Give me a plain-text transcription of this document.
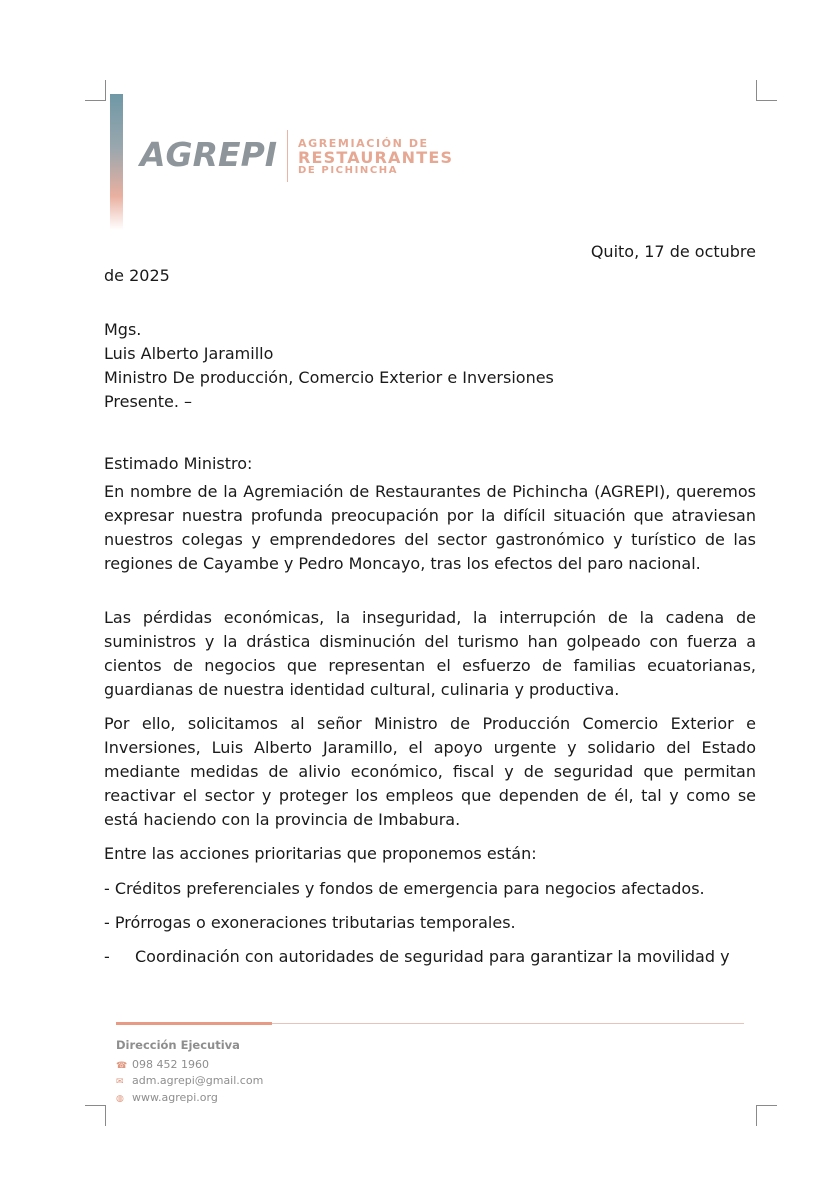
AGREPI AGREMIACIÓN DE
RESTAURANTES
DE PICHINCHA
Quito, 17 de octubre
de 2025
Mgs.
Luis Alberto Jaramillo
Ministro De producción, Comercio Exterior e Inversiones
Presente. –
Estimado Ministro:
En nombre de la Agremiación de Restaurantes de Pichincha (AGREPI), queremos expresar nuestra profunda preocupación por la difícil situación que atraviesan nuestros colegas y emprendedores del sector gastronómico y turístico de las regiones de Cayambe y Pedro Moncayo, tras los efectos del paro nacional.
Las pérdidas económicas, la inseguridad, la interrupción de la cadena de suministros y la drástica disminución del turismo han golpeado con fuerza a cientos de negocios que representan el esfuerzo de familias ecuatorianas, guardianas de nuestra identidad cultural, culinaria y productiva.
Por ello, solicitamos al señor Ministro de Producción Comercio Exterior e Inversiones, Luis Alberto Jaramillo, el apoyo urgente y solidario del Estado mediante medidas de alivio económico, fiscal y de seguridad que permitan reactivar el sector y proteger los empleos que dependen de él, tal y como se está haciendo con la provincia de Imbabura.
Entre las acciones prioritarias que proponemos están:
- Créditos preferenciales y fondos de emergencia para negocios afectados.
- Prórrogas o exoneraciones tributarias temporales.
- Coordinación con autoridades de seguridad para garantizar la movilidad y
Dirección Ejecutiva
☎ 098 452 1960
✉ adm.agrepi@gmail.com
◍ www.agrepi.org
